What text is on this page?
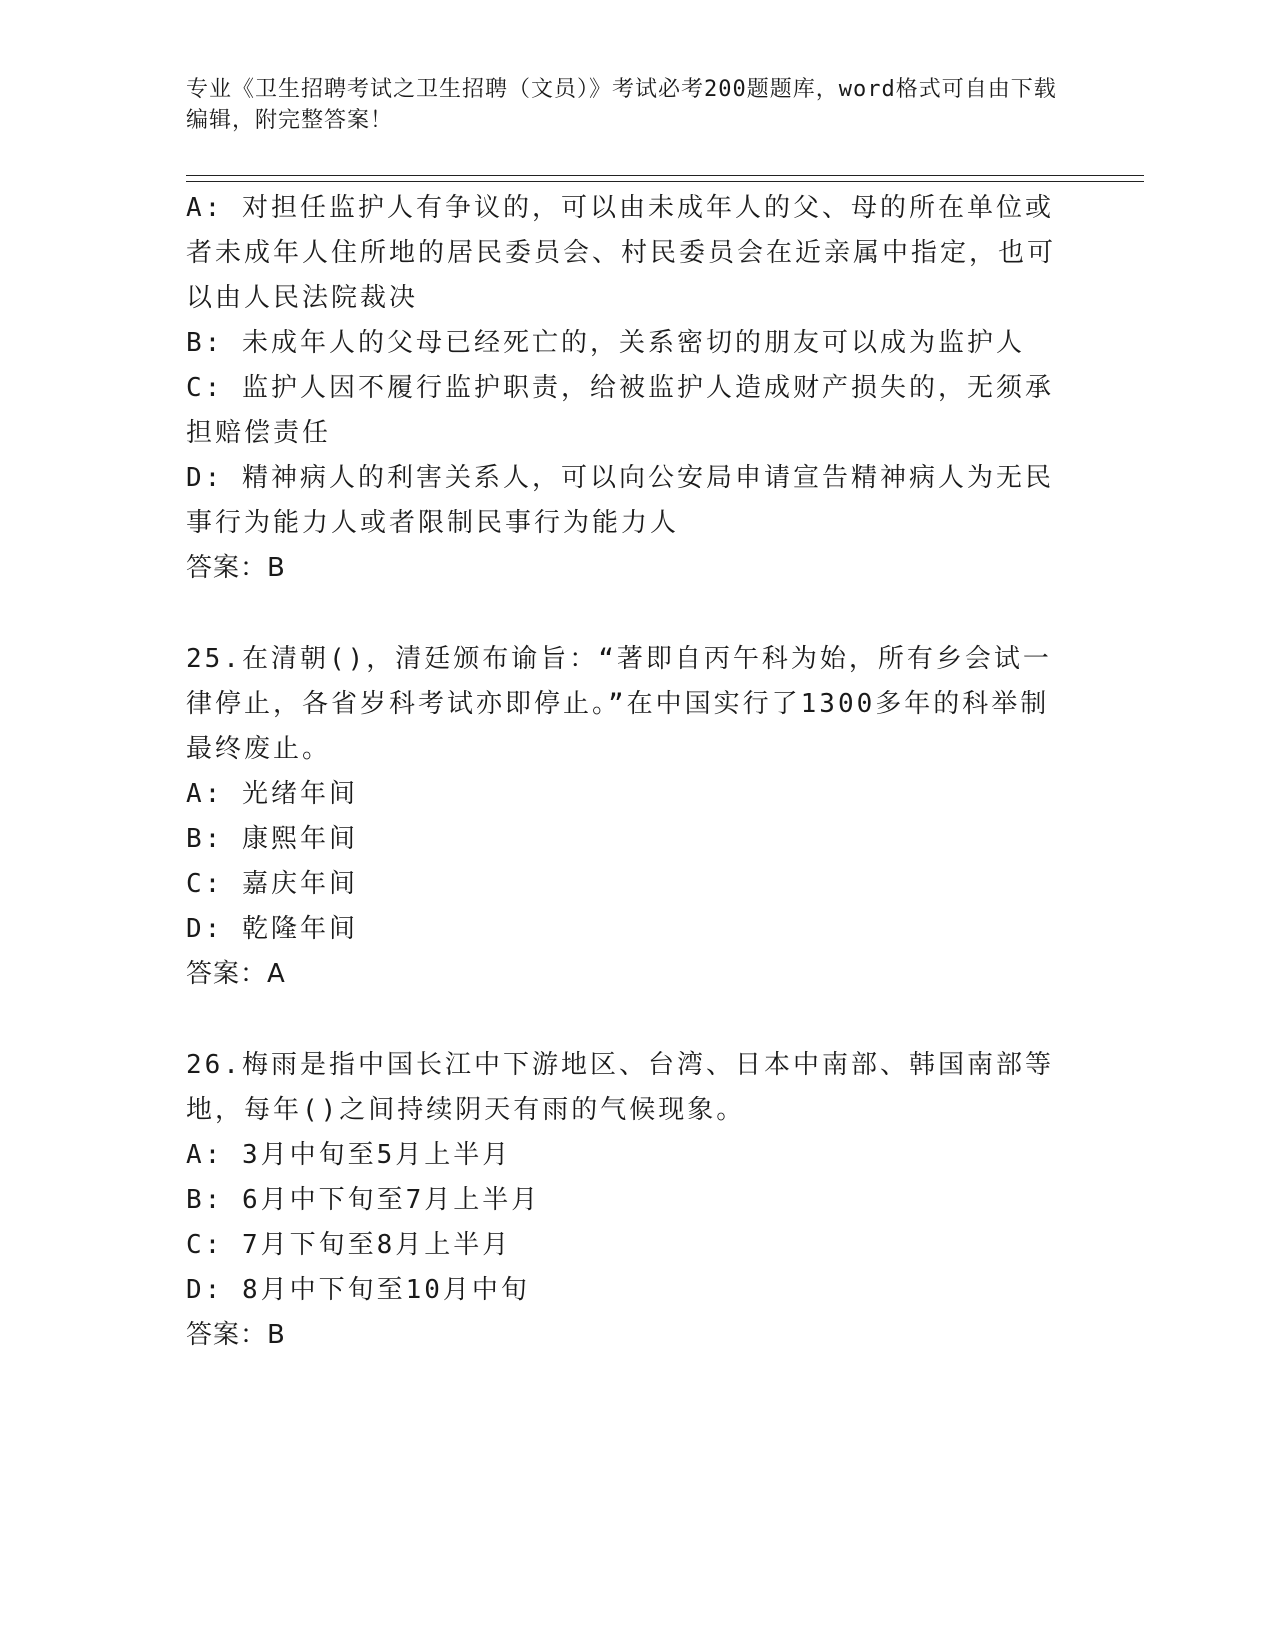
专业《卫生招聘考试之卫生招聘（文员）》考试必考200题题库，word格式可自由下载编辑，附完整答案！

A: 对担任监护人有争议的，可以由未成年人的父、母的所在单位或者未成年人住所地的居民委员会、村民委员会在近亲属中指定，也可以由人民法院裁决

B: 未成年人的父母已经死亡的，关系密切的朋友可以成为监护人

C: 监护人因不履行监护职责，给被监护人造成财产损失的，无须承担赔偿责任

D: 精神病人的利害关系人，可以向公安局申请宣告精神病人为无民事行为能力人或者限制民事行为能力人

答案：B

25.在清朝()，清廷颁布谕旨：“著即自丙午科为始，所有乡会试一律停止，各省岁科考试亦即停止。”在中国实行了1300多年的科举制最终废止。

A: 光绪年间

B: 康熙年间

C: 嘉庆年间

D: 乾隆年间

答案：A

26.梅雨是指中国长江中下游地区、台湾、日本中南部、韩国南部等地，每年()之间持续阴天有雨的气候现象。

A: 3月中旬至5月上半月

B: 6月中下旬至7月上半月

C: 7月下旬至8月上半月

D: 8月中下旬至10月中旬

答案：B
